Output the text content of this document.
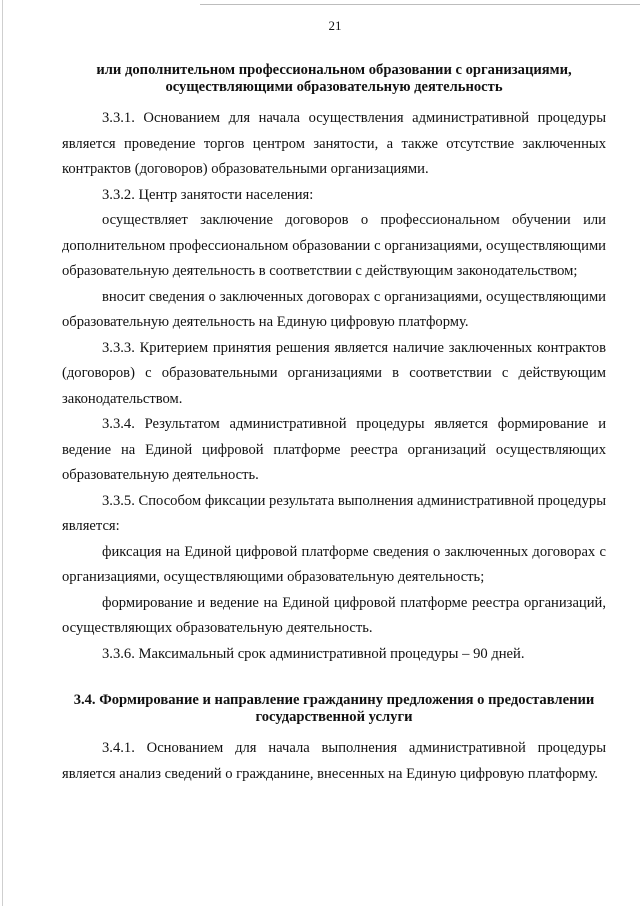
21
или дополнительном профессиональном образовании с организациями, осуществляющими образовательную деятельность

3.3.1. Основанием для начала осуществления административной процедуры является проведение торгов центром занятости, а также отсутствие заключенных контрактов (договоров) образовательными организациями.

3.3.2. Центр занятости населения:

осуществляет заключение договоров о профессиональном обучении или дополнительном профессиональном образовании с организациями, осуществляющими образовательную деятельность в соответствии с действующим законодательством;

вносит сведения о заключенных договорах с организациями, осуществляющими образовательную деятельность на Единую цифровую платформу.

3.3.3. Критерием принятия решения является наличие заключенных контрактов (договоров) с образовательными организациями в соответствии с действующим законодательством.

3.3.4. Результатом административной процедуры является формирование и ведение на Единой цифровой платформе реестра организаций осуществляющих образовательную деятельность.

3.3.5. Способом фиксации результата выполнения административной процедуры является:

фиксация на Единой цифровой платформе сведения о заключенных договорах с организациями, осуществляющими образовательную деятельность;

формирование и ведение на Единой цифровой платформе реестра организаций, осуществляющих образовательную деятельность.

3.3.6. Максимальный срок административной процедуры – 90 дней.

3.4. Формирование и направление гражданину предложения о предоставлении государственной услуги

3.4.1. Основанием для начала выполнения административной процедуры является анализ сведений о гражданине, внесенных на Единую цифровую платформу.
